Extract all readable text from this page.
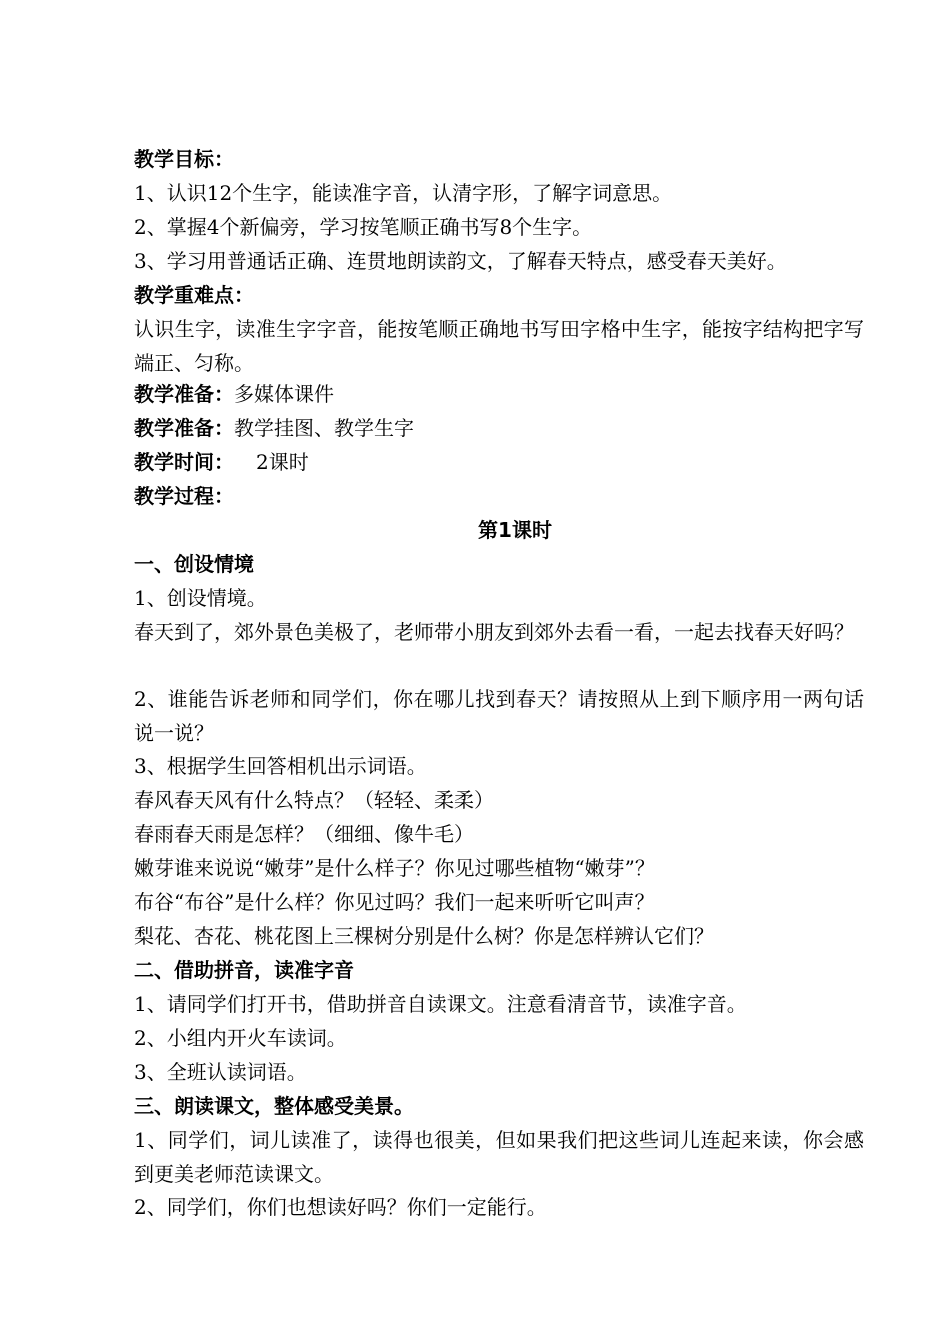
教学目标：
1、认识12个生字，能读准字音，认清字形，了解字词意思。
2、掌握4个新偏旁，学习按笔顺正确书写8个生字。
3、学习用普通话正确、连贯地朗读韵文，了解春天特点，感受春天美好。
教学重难点：
认识生字，读准生字字音，能按笔顺正确地书写田字格中生字，能按字结构把字写端正、匀称。
教学准备：多媒体课件
教学准备：教学挂图、教学生字
教学时间： 2课时
教学过程：
第1课时
一、创设情境
1、创设情境。
春天到了，郊外景色美极了，老师带小朋友到郊外去看一看，一起去找春天好吗？
2、谁能告诉老师和同学们，你在哪儿找到春天？请按照从上到下顺序用一两句话说一说？
3、根据学生回答相机出示词语。
春风春天风有什么特点？（轻轻、柔柔）
春雨春天雨是怎样？（细细、像牛毛）
嫩芽谁来说说“嫩芽”是什么样子？你见过哪些植物“嫩芽”？
布谷“布谷”是什么样？你见过吗？我们一起来听听它叫声？
梨花、杏花、桃花图上三棵树分别是什么树？你是怎样辨认它们？
二、借助拼音，读准字音
1、请同学们打开书，借助拼音自读课文。注意看清音节，读准字音。
2、小组内开火车读词。
3、全班认读词语。
三、朗读课文，整体感受美景。
1、同学们，词儿读准了，读得也很美，但如果我们把这些词儿连起来读，你会感到更美老师范读课文。
2、同学们，你们也想读好吗？你们一定能行。
